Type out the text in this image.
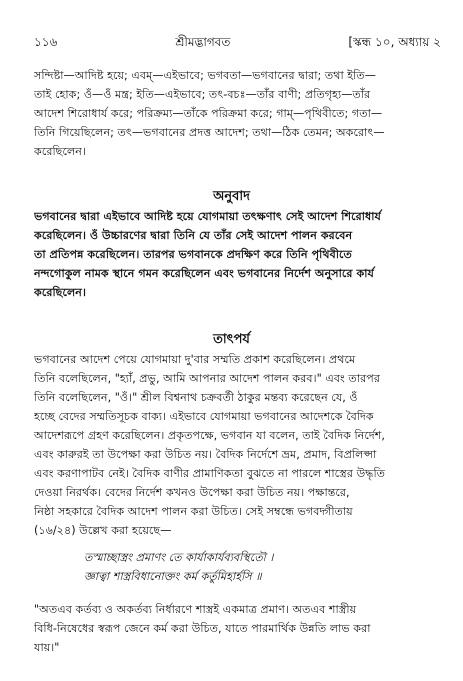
১১৬	শ্রীমদ্ভাগবত	[স্কন্ধ ১০, অধ্যায় ২
সন্দিষ্টা—আদিষ্ট হয়ে; এবম্—এইভাবে; ভগবতা—ভগবানের দ্বারা; তথা ইতি—
তাই হোক; ওঁ—ওঁ মন্ত্র; ইতি—এইভাবে; তৎ-বচঃ—তাঁর বাণী; প্রতিগৃহ্য—তাঁর
আদেশ শিরোধার্য করে; পরিক্রম্য—তাঁকে পরিক্রমা করে; গাম্—পৃথিবীতে; গতা—
তিনি গিয়েছিলেন; তৎ—ভগবানের প্রদত্ত আদেশ; তথা—ঠিক তেমন; অকরোৎ—
করেছিলেন।
অনুবাদ
ভগবানের দ্বারা এইভাবে আদিষ্ট হয়ে যোগমায়া তৎক্ষণাৎ সেই আদেশ শিরোধার্য
করেছিলেন। ওঁ উচ্চারণের দ্বারা তিনি যে তাঁর সেই আদেশ পালন করবেন
তা প্রতিপন্ন করেছিলেন। তারপর ভগবানকে প্রদক্ষিণ করে তিনি পৃথিবীতে
নন্দগোকুল নামক স্থানে গমন করেছিলেন এবং ভগবানের নির্দেশ অনুসারে কার্য
করেছিলেন।
তাৎপর্য
ভগবানের আদেশ পেয়ে যোগমায়া দু'বার সম্মতি প্রকাশ করেছিলেন। প্রথমে
তিনি বলেছিলেন, "হ্যাঁ, প্রভু, আমি আপনার আদেশ পালন করব।" এবং তারপর
তিনি বলেছিলেন, "ওঁ।" শ্রীল বিশ্বনাথ চক্রবর্তী ঠাকুর মন্তব্য করেছেন যে, ওঁ
হচ্ছে বেদের সম্মতিসূচক বাক্য। এইভাবে যোগমায়া ভগবানের আদেশকে বৈদিক
আদেশরূপে গ্রহণ করেছিলেন। প্রকৃতপক্ষে, ভগবান যা বলেন, তাই বৈদিক নির্দেশ,
এবং কারুরই তা উপেক্ষা করা উচিত নয়। বৈদিক নির্দেশে ভ্রম, প্রমাদ, বিপ্রলিপ্সা
এবং করণাপাটব নেই। বৈদিক বাণীর প্রামাণিকতা বুঝতে না পারলে শাস্ত্রের উদ্ধৃতি
দেওয়া নিরর্থক। বেদের নির্দেশ কখনও উপেক্ষা করা উচিত নয়। পক্ষান্তরে,
নিষ্ঠা সহকারে বৈদিক আদেশ পালন করা উচিত। সেই সম্বন্ধে ভগবদ্গীতায়
(১৬/২৪) উল্লেখ করা হয়েছে—
তস্মাচ্ছাস্ত্রং প্রমাণং তে কার্যাকার্যব্যবস্থিতৌ ।
জ্ঞাত্বা শাস্ত্রবিধানোক্তং কর্ম কর্তুমিহার্হসি ॥
"অতএব কর্তব্য ও অকর্তব্য নির্ধারণে শাস্ত্রই একমাত্র প্রমাণ। অতএব শাস্ত্রীয়
বিধি-নিষেধের স্বরূপ জেনে কর্ম করা উচিত, যাতে পারমার্থিক উন্নতি লাভ করা
যায়।"
